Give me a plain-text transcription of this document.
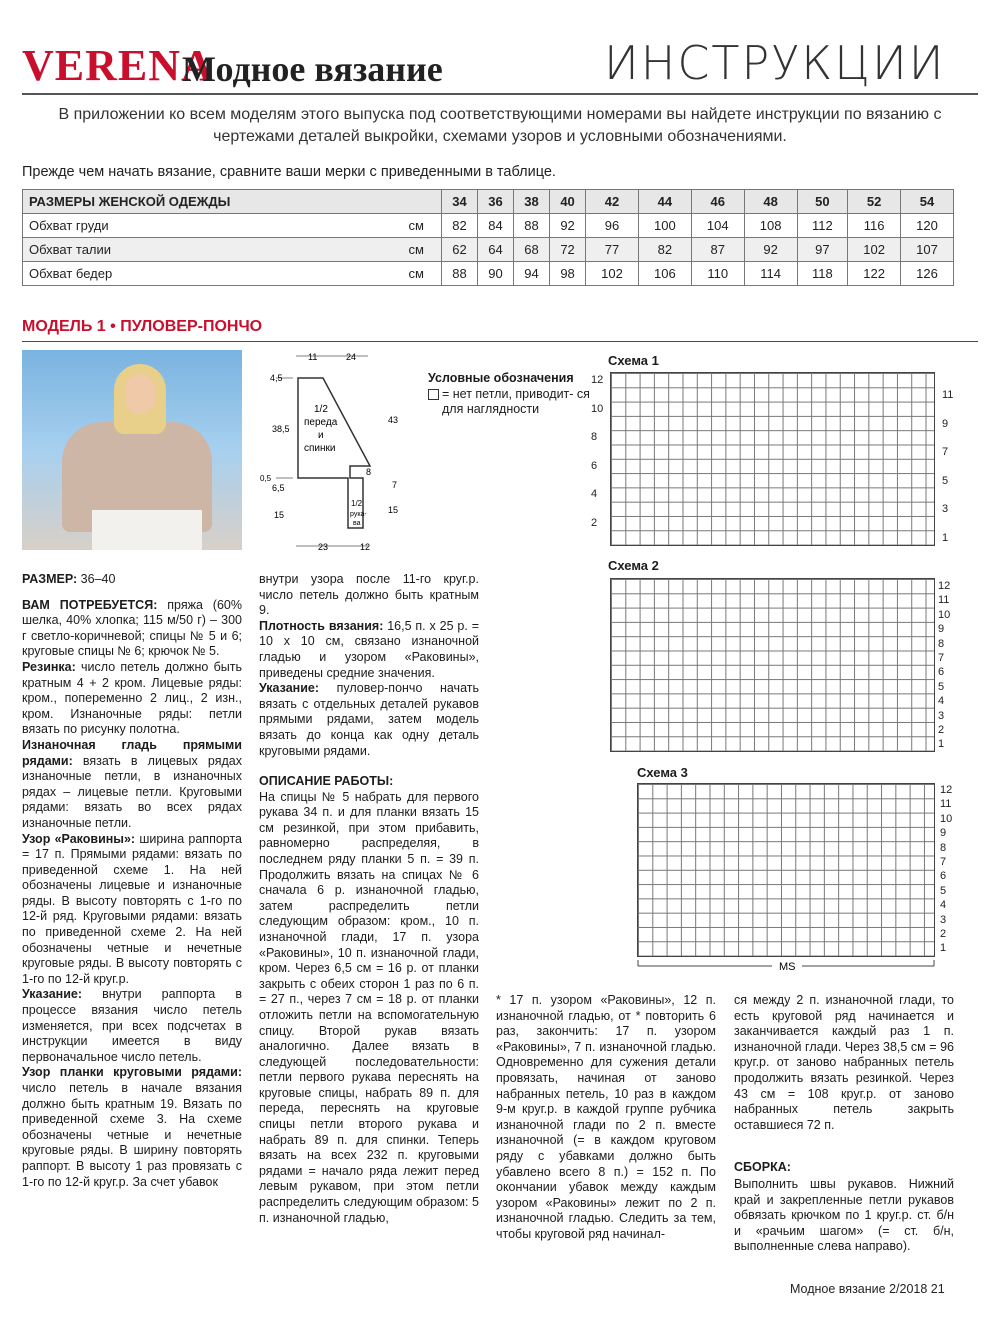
VERENA
Модное вязание	ИНСТРУКЦИИ
В приложении ко всем моделям этого выпуска под соответствующими номерами вы найдете инструкции по вязанию с чертежами деталей выкройки, схемами узоров и условными обозначениями.
Прежде чем начать вязание, сравните ваши мерки с приведенными в таблице.
РАЗМЕРЫ ЖЕНСКОЙ ОДЕЖДЫ		34	36	38	40	42	44	46	48	50	52	54
Обхват груди	см	82	84	88	92	96	100	104	108	112	116	120
Обхват талии	см	62	64	68	72	77	82	87	92	97	102	107
Обхват бедер	см	88	90	94	98	102	106	110	114	118	122	126
МОДЕЛЬ 1 • ПУЛОВЕР-ПОНЧО
11	24
4,5
1/2
переда
и
спинки
43
38,5
8
0,5
6,5	7
15	15
1/2
рука-
ва
23	12
Условные обозначения
= нет петли, приводит- ся для наглядности
Схема 1
12
10
8
6
4
2
11
9
7
5
3
1
Схема 2
12
11
10
9
8
7
6
5
4
3
2
1
Схема 3
12
11
10
9
8
7
6
5
4
3
2
1
MS

РАЗМЕР: 36–40

ВАМ ПОТРЕБУЕТСЯ: пряжа (60% шелка, 40% хлопка; 115 м/50 г) – 300 г светло-коричневой; спицы № 5 и 6; круговые спицы № 6; крючок № 5.

Резинка: число петель должно быть кратным 4 + 2 кром. Лицевые ряды: кром., попеременно 2 лиц., 2 изн., кром. Изнаночные ряды: петли вязать по рисунку полотна.

Изнаночная гладь прямыми рядами: вязать в лицевых рядах изнаночные петли, в изнаночных рядах – лицевые петли. Круговыми рядами: вязать во всех рядах изнаночные петли.

Узор «Раковины»: ширина раппорта = 17 п. Прямыми рядами: вязать по приведенной схеме 1. На ней обозначены лицевые и изнаночные ряды. В высоту повторять с 1-го по 12-й ряд. Круговыми рядами: вязать по приведенной схеме 2. На ней обозначены четные и нечетные круговые ряды. В высоту повторять с 1-го по 12-й круг.р.

Указание: внутри раппорта в процессе вязания число петель изменяется, при всех подсчетах в инструкции имеется в виду первоначальное число петель.

Узор планки круговыми рядами: число петель в начале вязания должно быть кратным 19. Вязать по приведенной схеме 3. На схеме обозначены четные и нечетные круговые ряды. В ширину повторять раппорт. В высоту 1 раз провязать с 1-го по 12-й круг.р. За счет убавок

внутри узора после 11-го круг.р. число петель должно быть кратным 9.

Плотность вязания: 16,5 п. x 25 р. = 10 x 10 см, связано изнаночной гладью и узором «Раковины», приведены средние значения.

Указание: пуловер-пончо начать вязать с отдельных деталей рукавов прямыми рядами, затем модель вязать до конца как одну деталь круговыми рядами.

ОПИСАНИЕ РАБОТЫ:

На спицы № 5 набрать для первого рукава 34 п. и для планки вязать 15 см резинкой, при этом прибавить, равномерно распределяя, в последнем ряду планки 5 п. = 39 п. Продолжить вязать на спицах № 6 сначала 6 р. изнаночной гладью, затем распределить петли следующим образом: кром., 10 п. изнаночной глади, 17 п. узора «Раковины», 10 п. изнаночной глади, кром. Через 6,5 см = 16 р. от планки закрыть с обеих сторон 1 раз по 6 п. = 27 п., через 7 см = 18 р. от планки отложить петли на вспомогательную спицу. Второй рукав вязать аналогично. Далее вязать в следующей последовательности: петли первого рукава переснять на круговые спицы, набрать 89 п. для переда, переснять на круговые спицы петли второго рукава и набрать 89 п. для спинки. Теперь вязать на всех 232 п. круговыми рядами = начало ряда лежит перед левым рукавом, при этом петли распределить следующим образом: 5 п. изнаночной гладью,

* 17 п. узором «Раковины», 12 п. изнаночной гладью, от * повторить 6 раз, закончить: 17 п. узором «Раковины», 7 п. изнаночной гладью. Одновременно для сужения детали провязать, начиная от заново набранных петель, 10 раз в каждом 9-м круг.р. в каждой группе рубчика изнаночной глади по 2 п. вместе изнаночной (= в каждом круговом ряду с убавками должно быть убавлено всего 8 п.) = 152 п. По окончании убавок между каждым узором «Раковины» лежит по 2 п. изнаночной гладью. Следить за тем, чтобы круговой ряд начинал-
ся между 2 п. изнаночной глади, то есть круговой ряд начинается и заканчивается каждый раз 1 п. изнаночной глади. Через 38,5 см = 96 круг.р. от заново набранных петель продолжить вязать резинкой. Через 43 см = 108 круг.р. от заново набранных петель закрыть оставшиеся 72 п.
СБОРКА:
Выполнить швы рукавов. Нижний край и закрепленные петли рукавов обвязать крючком по 1 круг.р. ст. б/н и «рачьим шагом» (= ст. б/н, выполненные слева направо).
Модное вязание 2/2018 21
